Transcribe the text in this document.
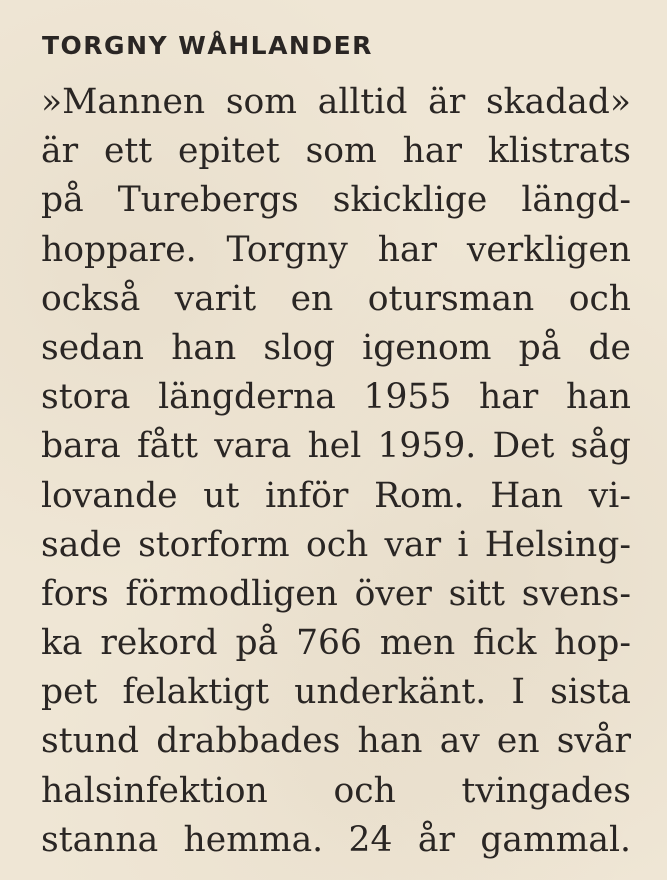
TORGNY WÅHLANDER
»Mannen som alltid är skadad»
är ett epitet som har klistrats
på Turebergs skicklige längd-
hoppare. Torgny har verkligen
också varit en otursman och
sedan han slog igenom på de
stora längderna 1955 har han
bara fått vara hel 1959. Det såg
lovande ut inför Rom. Han vi-
sade storform och var i Helsing-
fors förmodligen över sitt svens-
ka rekord på 766 men fick hop-
pet felaktigt underkänt. I sista
stund drabbades han av en svår
halsinfektion och tvingades
stanna hemma. 24 år gammal.
